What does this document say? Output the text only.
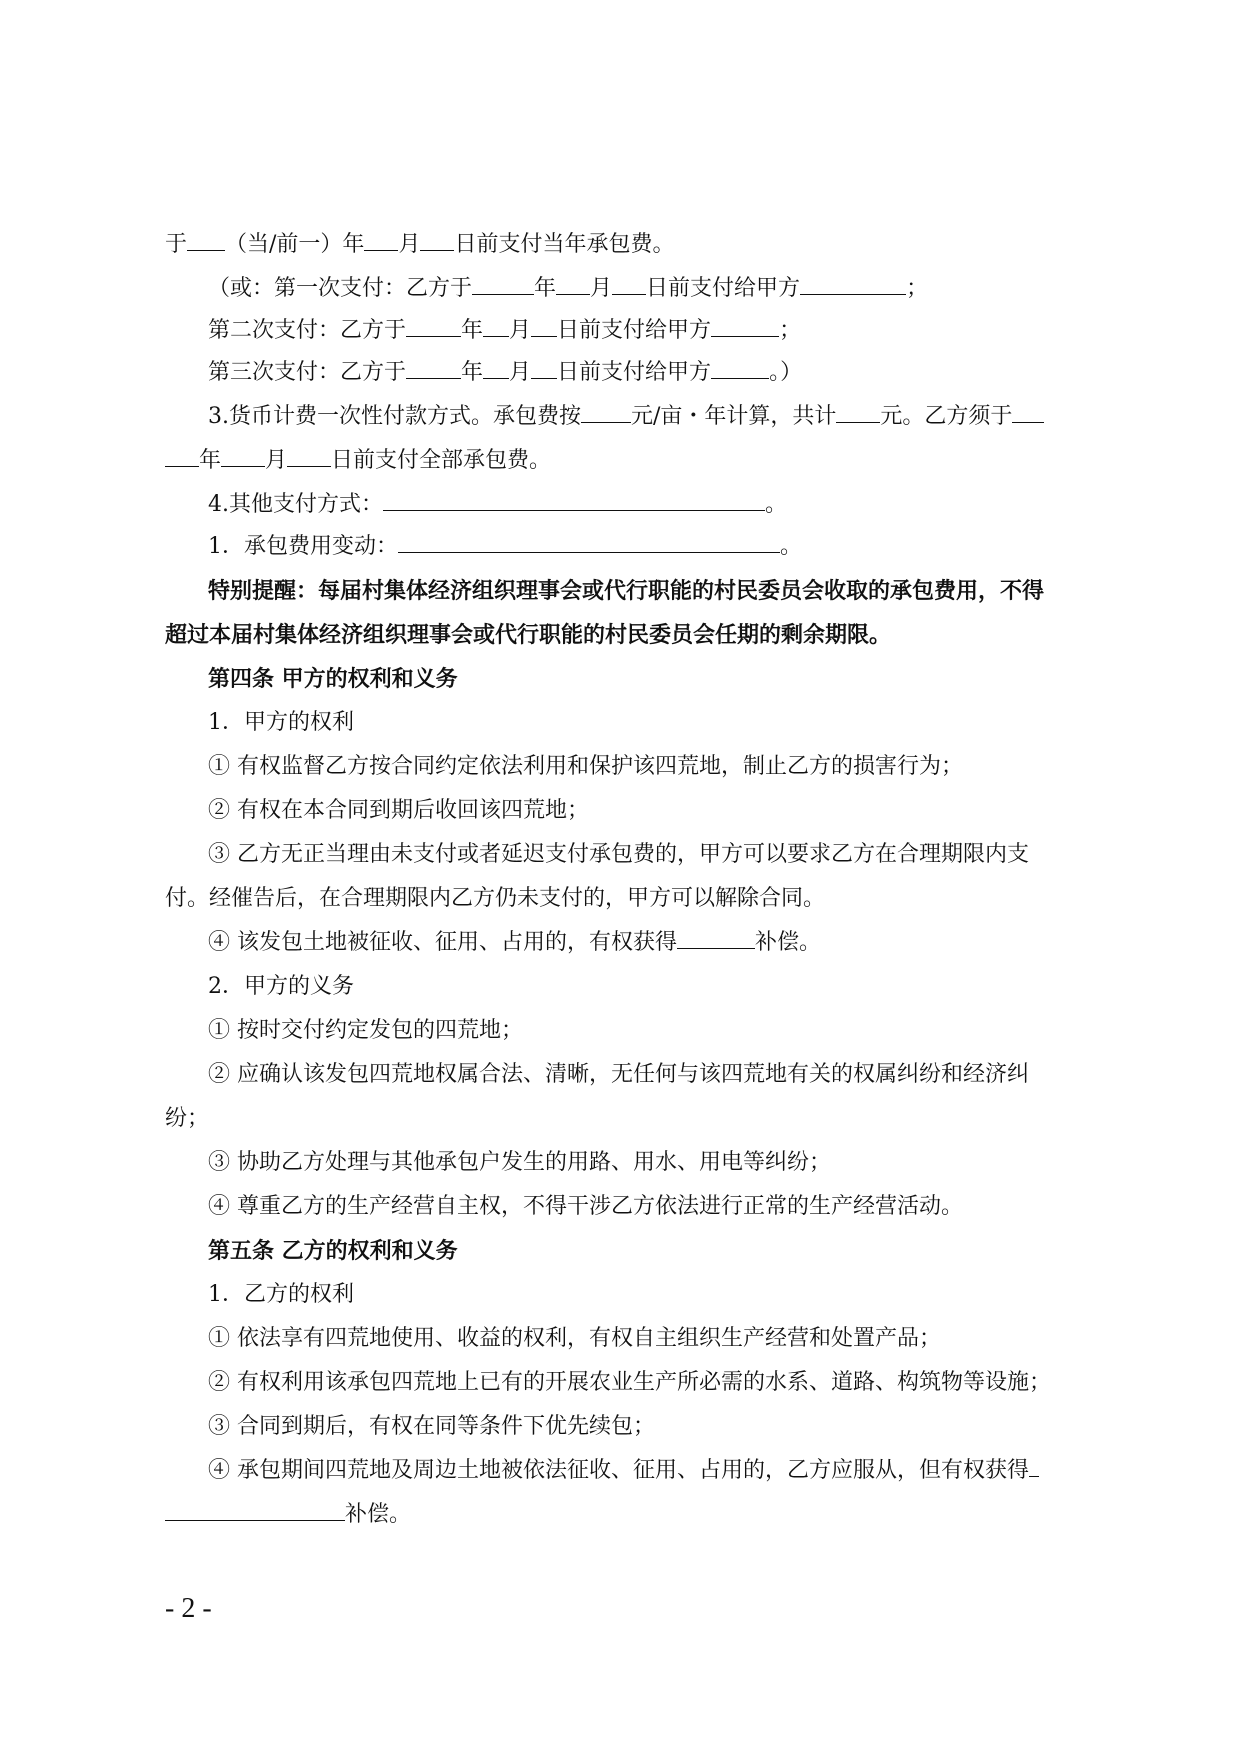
于 （当/前一）年 月 日前支付当年承包费。
（或：第一次支付：乙方于	年 月 日前支付给甲方	；
第二次支付：乙方于	年 月 日前支付给甲方	；
第三次支付：乙方于	年 月 日前支付给甲方	。）
3.货币计费一次性付款方式。承包费按 元/亩・年计算，共计 元。乙方须于
年 月 日前支付全部承包费。
4.其他支付方式：	。
1．承包费用变动：	。
特别提醒：每届村集体经济组织理事会或代行职能的村民委员会收取的承包费用，不得
超过本届村集体经济组织理事会或代行职能的村民委员会任期的剩余期限。
第四条 甲方的权利和义务
1．甲方的权利
① 有权监督乙方按合同约定依法利用和保护该四荒地，制止乙方的损害行为；
② 有权在本合同到期后收回该四荒地；
③ 乙方无正当理由未支付或者延迟支付承包费的，甲方可以要求乙方在合理期限内支
付。经催告后，在合理期限内乙方仍未支付的，甲方可以解除合同。
④ 该发包土地被征收、征用、占用的，有权获得	补偿。
2．甲方的义务
① 按时交付约定发包的四荒地；
② 应确认该发包四荒地权属合法、清晰，无任何与该四荒地有关的权属纠纷和经济纠
纷；
③ 协助乙方处理与其他承包户发生的用路、用水、用电等纠纷；
④ 尊重乙方的生产经营自主权，不得干涉乙方依法进行正常的生产经营活动。
第五条 乙方的权利和义务
1．乙方的权利
① 依法享有四荒地使用、收益的权利，有权自主组织生产经营和处置产品；
② 有权利用该承包四荒地上已有的开展农业生产所必需的水系、道路、构筑物等设施；
③ 合同到期后，有权在同等条件下优先续包；
④ 承包期间四荒地及周边土地被依法征收、征用、占用的，乙方应服从，但有权获得
补偿。
- 2 -
